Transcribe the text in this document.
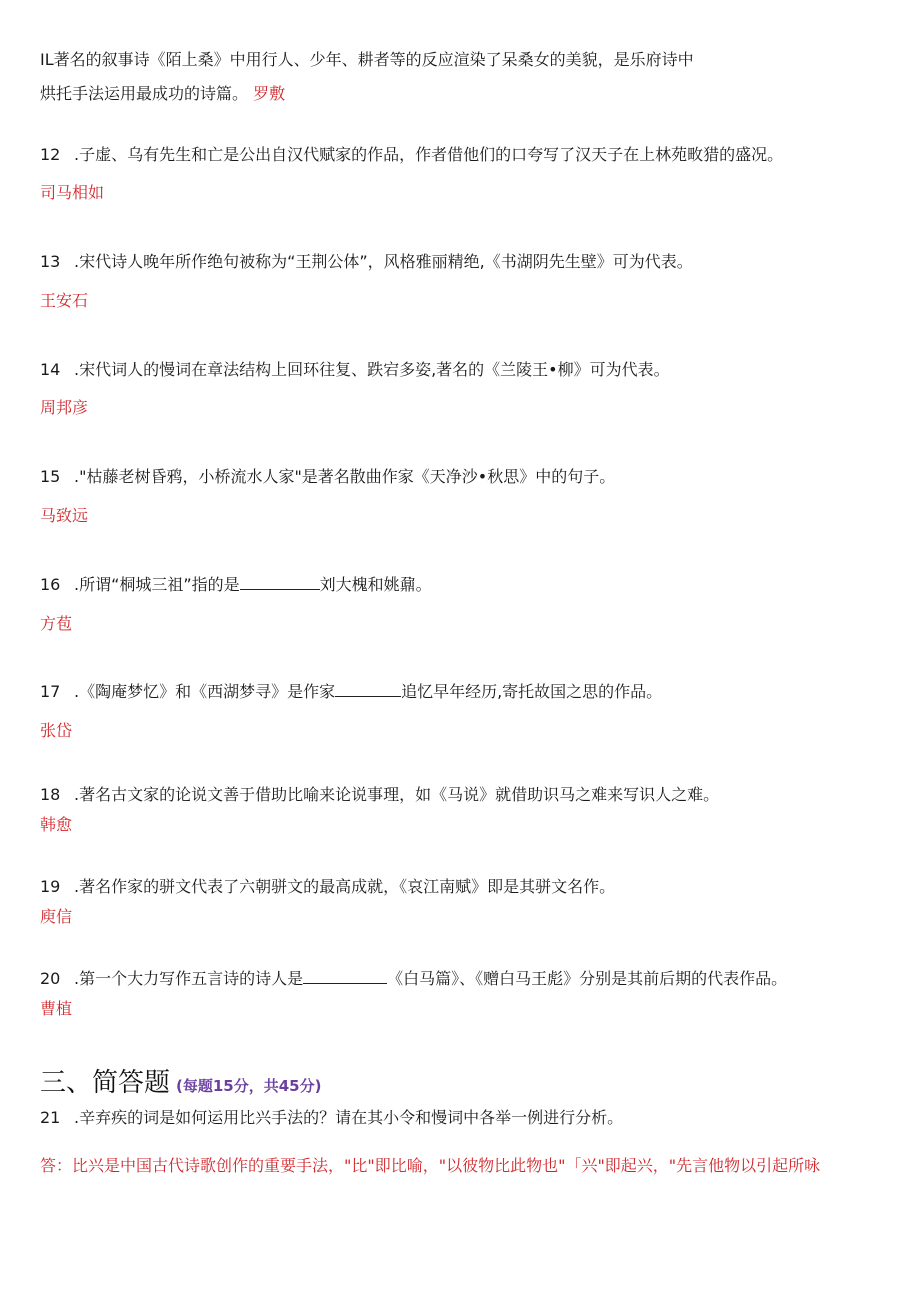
IL著名的叙事诗《陌上桑》中用行人、少年、耕者等的反应渲染了呆桑女的美貌，是乐府诗中
烘托手法运用最成功的诗篇。 罗敷
12 .子虚、乌有先生和亡是公出自汉代赋家的作品，作者借他们的口夸写了汉天子在上林苑畋猎的盛况。
司马相如
13 .宋代诗人晚年所作绝句被称为“王荆公体”，风格雅丽精绝,《书湖阴先生壁》可为代表。
王安石
14 .宋代词人的慢词在章法结构上回环往复、跌宕多姿,著名的《兰陵王•柳》可为代表。
周邦彦
15 ."枯藤老树昏鸦，小桥流水人家"是著名散曲作家《天净沙•秋思》中的句子。
马致远
16 .所谓“桐城三祖”指的是	刘大槐和姚鼐。
方苞
17 .《陶庵梦忆》和《西湖梦寻》是作家	追忆早年经历,寄托故国之思的作品。
张岱
18 .著名古文家的论说文善于借助比喻来论说事理，如《马说》就借助识马之难来写识人之难。
韩愈
19 .著名作家的骈文代表了六朝骈文的最高成就，《哀江南赋》即是其骈文名作。
庾信
20 .第一个大力写作五言诗的诗人是	《白马篇》、《赠白马王彪》分别是其前后期的代表作品。
曹植
三、简答题 (每题15分，共45分)
21 .辛弃疾的词是如何运用比兴手法的？请在其小令和慢词中各举一例进行分析。
答：比兴是中国古代诗歌创作的重要手法，"比"即比喻，"以彼物比此物也"「兴"即起兴，"先言他物以引起所咏
